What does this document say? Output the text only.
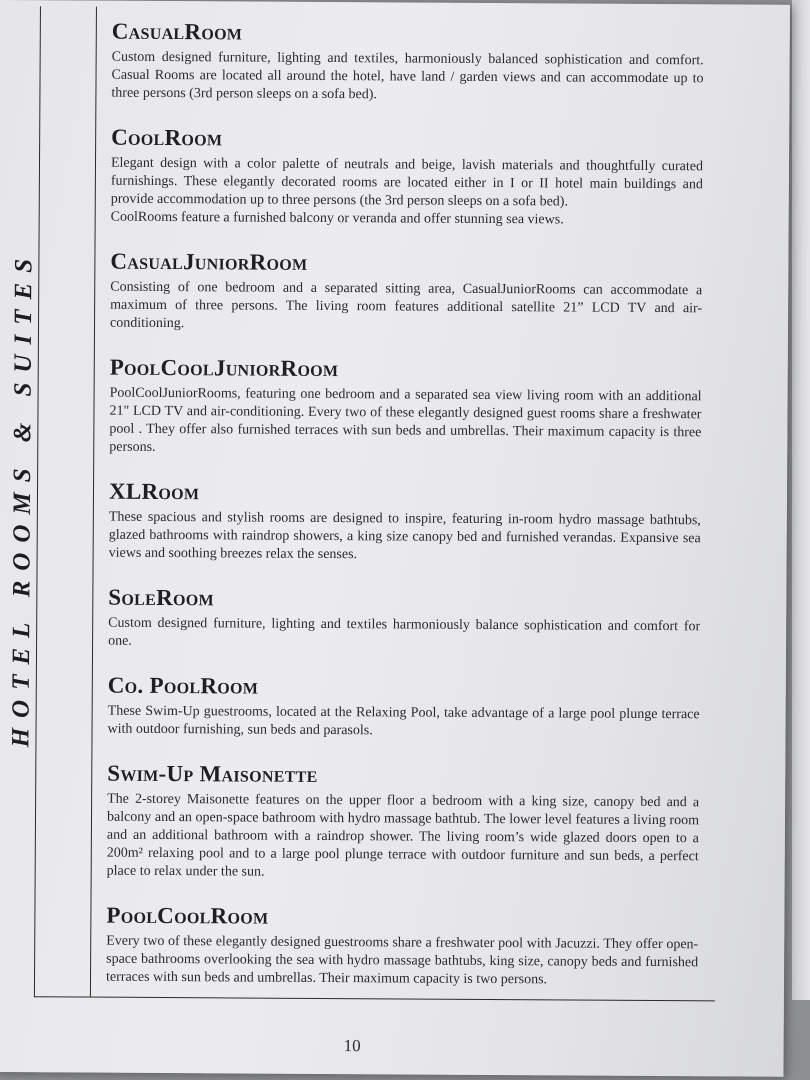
HOTEL ROOMS & SUITES
CasualRoom

Custom designed furniture, lighting and textiles, harmoniously balanced sophistication and comfort. Casual Rooms are located all around the hotel, have land / garden views and can accommodate up to three persons (3rd person sleeps on a sofa bed).

CoolRoom

Elegant design with a color palette of neutrals and beige, lavish materials and thoughtfully curated furnishings. These elegantly decorated rooms are located either in I or II hotel main buildings and provide accommodation up to three persons (the 3rd person sleeps on a sofa bed).

CoolRooms feature a furnished balcony or veranda and offer stunning sea views.

CasualJuniorRoom

Consisting of one bedroom and a separated sitting area, CasualJuniorRooms can accommodate a maximum of three persons. The living room features additional satellite 21” LCD TV and air-conditioning.

PoolCoolJuniorRoom

PoolCoolJuniorRooms, featuring one bedroom and a separated sea view living room with an additional 21" LCD TV and air-conditioning. Every two of these elegantly designed guest rooms share a freshwater pool . They offer also furnished terraces with sun beds and umbrellas. Their maximum capacity is three persons.

XLRoom

These spacious and stylish rooms are designed to inspire, featuring in-room hydro massage bathtubs, glazed bathrooms with raindrop showers, a king size canopy bed and furnished verandas. Expansive sea views and soothing breezes relax the senses.

SoleRoom

Custom designed furniture, lighting and textiles harmoniously balance sophistication and comfort for one.

Co. PoolRoom

These Swim-Up guestrooms, located at the Relaxing Pool, take advantage of a large pool plunge terrace with outdoor furnishing, sun beds and parasols.

Swim-Up Maisonette

The 2-storey Maisonette features on the upper floor a bedroom with a king size, canopy bed and a balcony and an open-space bathroom with hydro massage bathtub. The lower level features a living room and an additional bathroom with a raindrop shower. The living room’s wide glazed doors open to a 200m² relaxing pool and to a large pool plunge terrace with outdoor furniture and sun beds, a perfect place to relax under the sun.

PoolCoolRoom

Every two of these elegantly designed guestrooms share a freshwater pool with Jacuzzi. They offer open-space bathrooms overlooking the sea with hydro massage bathtubs, king size, canopy beds and furnished terraces with sun beds and umbrellas. Their maximum capacity is two persons.

10
